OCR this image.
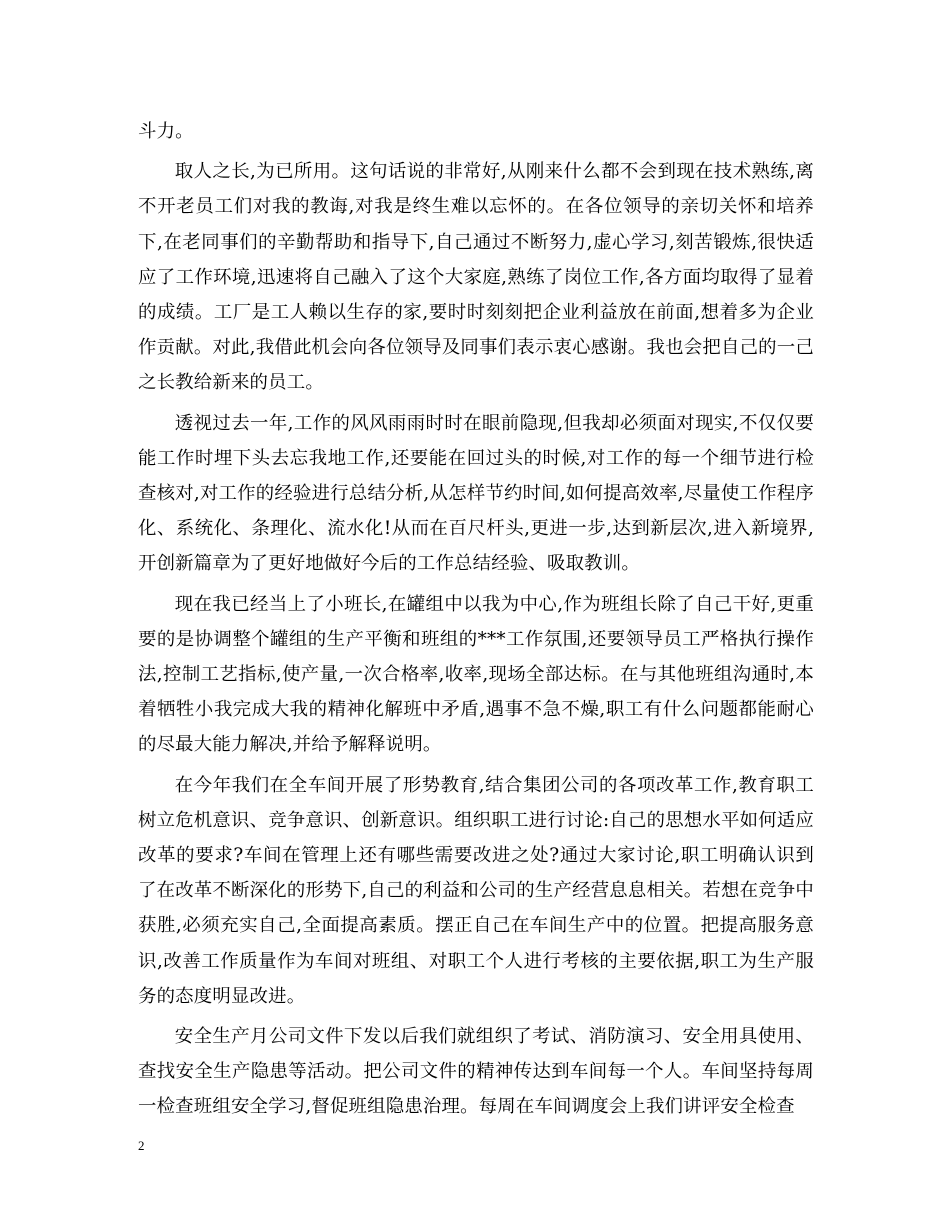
斗力。

取人之长,为已所用。这句话说的非常好,从刚来什么都不会到现在技术熟练,离不开老员工们对我的教诲,对我是终生难以忘怀的。在各位领导的亲切关怀和培养下,在老同事们的辛勤帮助和指导下,自己通过不断努力,虚心学习,刻苦锻炼,很快适应了工作环境,迅速将自己融入了这个大家庭,熟练了岗位工作,各方面均取得了显着的成绩。工厂是工人赖以生存的家,要时时刻刻把企业利益放在前面,想着多为企业作贡献。对此,我借此机会向各位领导及同事们表示衷心感谢。我也会把自己的一己之长教给新来的员工。

透视过去一年,工作的风风雨雨时时在眼前隐现,但我却必须面对现实,不仅仅要能工作时埋下头去忘我地工作,还要能在回过头的时候,对工作的每一个细节进行检查核对,对工作的经验进行总结分析,从怎样节约时间,如何提高效率,尽量使工作程序化、系统化、条理化、流水化!从而在百尺杆头,更进一步,达到新层次,进入新境界,开创新篇章为了更好地做好今后的工作总结经验、吸取教训。

现在我已经当上了小班长,在罐组中以我为中心,作为班组长除了自己干好,更重要的是协调整个罐组的生产平衡和班组的***工作氛围,还要领导员工严格执行操作法,控制工艺指标,使产量,一次合格率,收率,现场全部达标。在与其他班组沟通时,本着牺牲小我完成大我的精神化解班中矛盾,遇事不急不燥,职工有什么问题都能耐心的尽最大能力解决,并给予解释说明。

在今年我们在全车间开展了形势教育,结合集团公司的各项改革工作,教育职工树立危机意识、竞争意识、创新意识。组织职工进行讨论:自己的思想水平如何适应改革的要求?车间在管理上还有哪些需要改进之处?通过大家讨论,职工明确认识到了在改革不断深化的形势下,自己的利益和公司的生产经营息息相关。若想在竞争中获胜,必须充实自己,全面提高素质。摆正自己在车间生产中的位置。把提高服务意识,改善工作质量作为车间对班组、对职工个人进行考核的主要依据,职工为生产服务的态度明显改进。

安全生产月公司文件下发以后我们就组织了考试、消防演习、安全用具使用、查找安全生产隐患等活动。把公司文件的精神传达到车间每一个人。车间坚持每周一检查班组安全学习,督促班组隐患治理。每周在车间调度会上我们讲评安全检查

2
